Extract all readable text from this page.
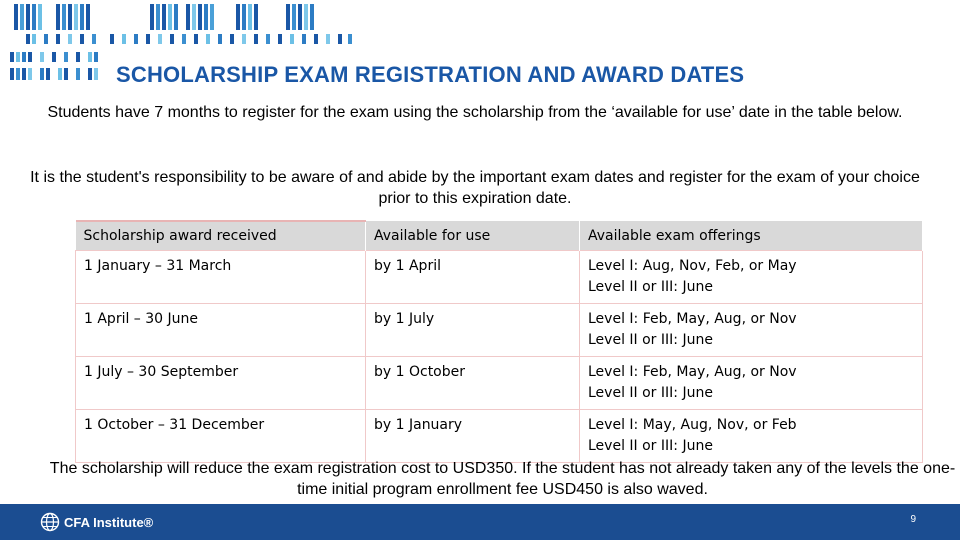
SCHOLARSHIP EXAM REGISTRATION AND AWARD DATES
Students have 7 months to register for the exam using the scholarship from the ‘available for use’ date in the table below.
It is the student's responsibility to be aware of and abide by the important exam dates and register for the exam of your choice prior to this expiration date.
Scholarship award received	Available for use	Available exam offerings
1 January – 31 March	by 1 April	Level I: Aug, Nov, Feb, or May
Level II or III: June

1 April – 30 June	by 1 July	Level I: Feb, May, Aug, or Nov
Level II or III: June

1 July – 30 September	by 1 October	Level I: Feb, May, Aug, or Nov
Level II or III: June

1 October – 31 December	by 1 January	Level I: May, Aug, Nov, or Feb
Level II or III: June
The scholarship will reduce the exam registration cost to USD350. If the student has not already taken any of the levels the one-time initial program enrollment fee USD450 is also waved.
CFA Institute®	9
